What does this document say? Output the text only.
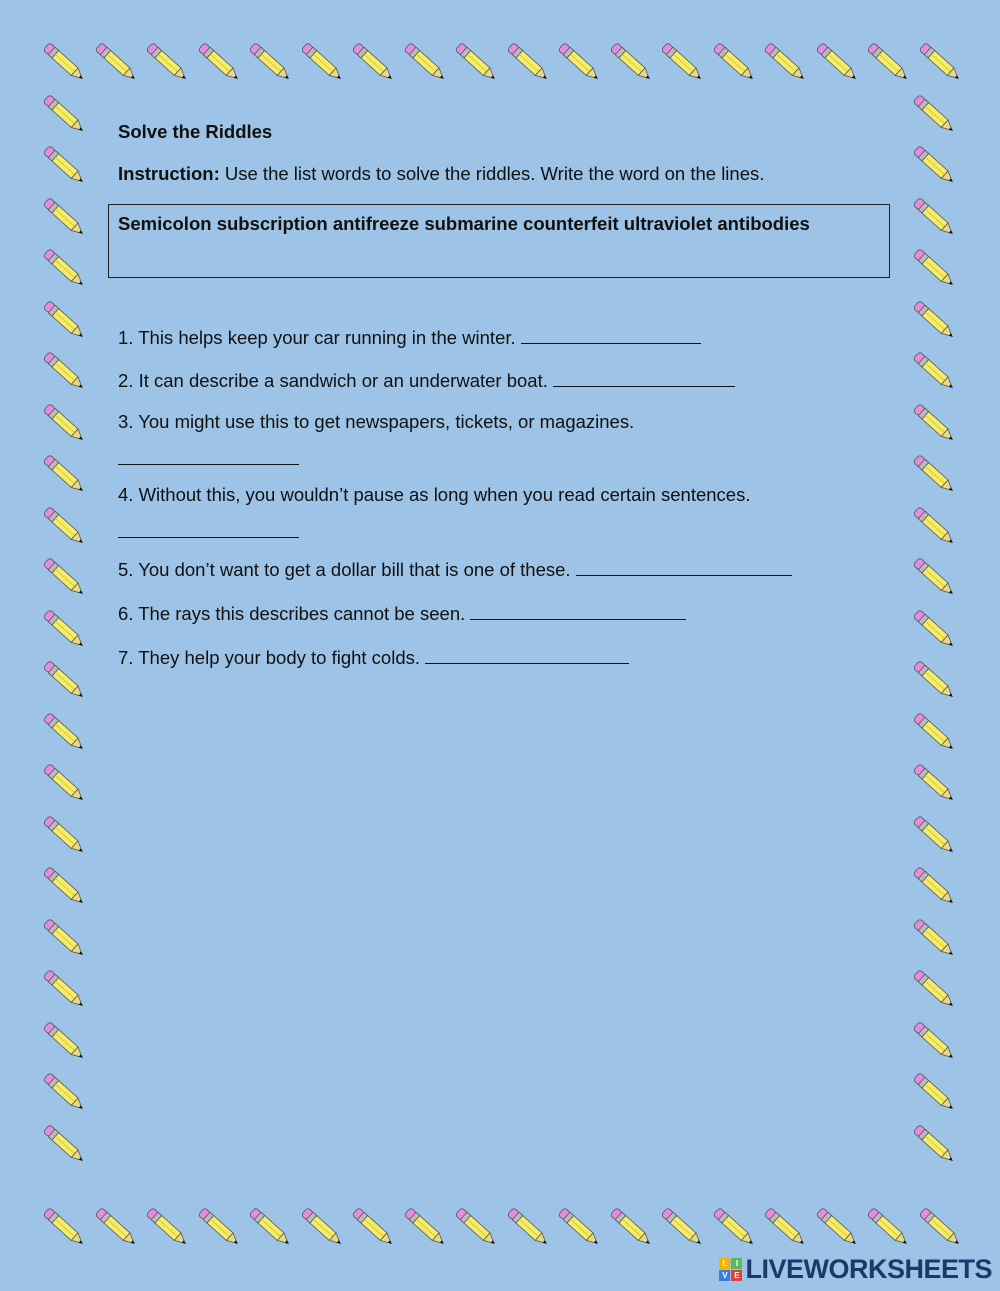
Solve the Riddles
Instruction: Use the list words to solve the riddles. Write the word on the lines.
Semicolon subscription antifreeze submarine counterfeit ultraviolet antibodies
1. This helps keep your car running in the winter.
2. It can describe a sandwich or an underwater boat.
3. You might use this to get newspapers, tickets, or magazines.
4. Without this, you wouldn’t pause as long when you read certain sentences.
5. You don’t want to get a dollar bill that is one of these.
6. The rays this describes cannot be seen.
7. They help your body to fight colds.
L	I
V E LIVEWORKSHEETS
